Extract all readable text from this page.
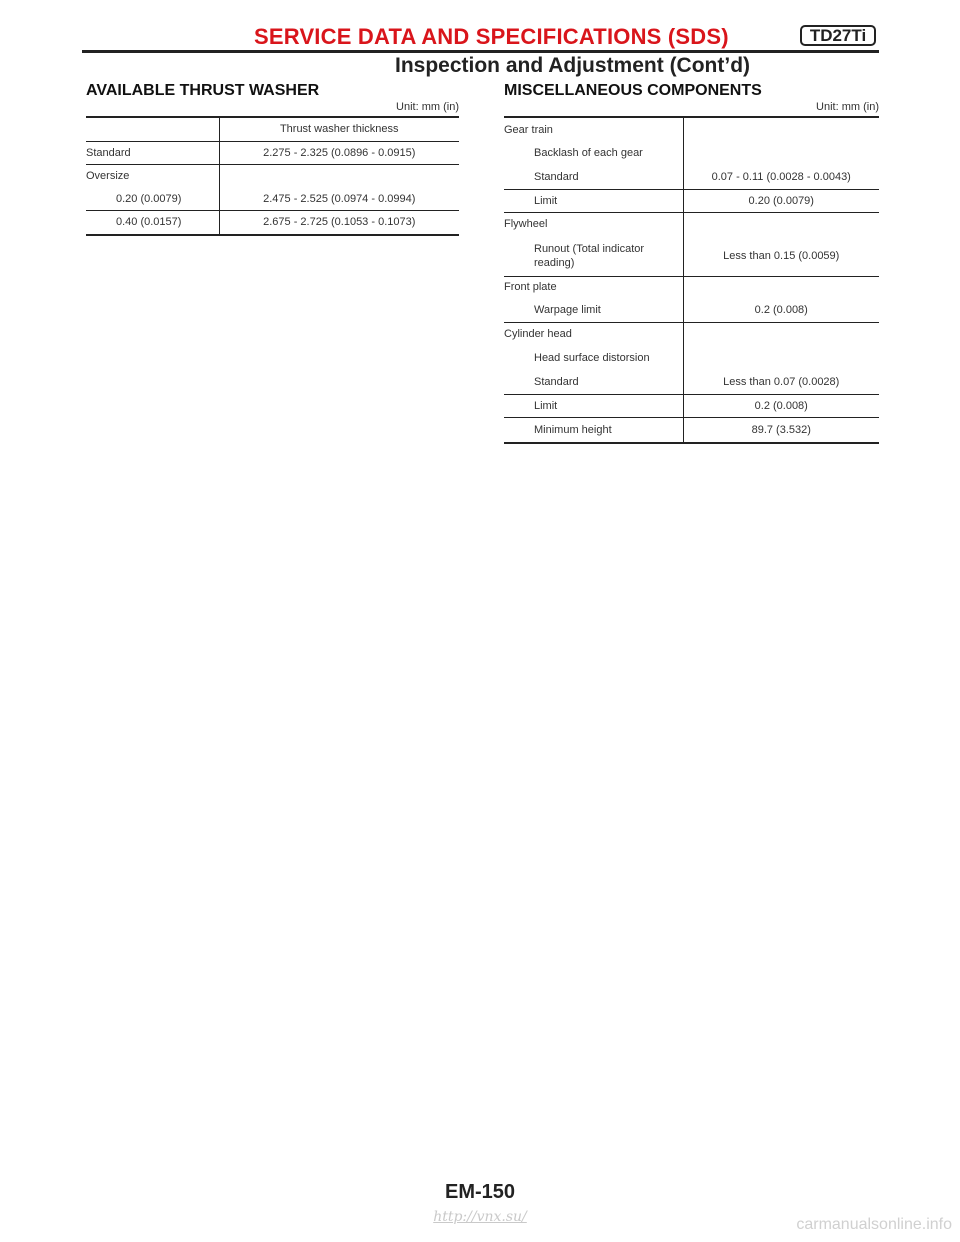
SERVICE DATA AND SPECIFICATIONS (SDS)	TD27Ti
Inspection and Adjustment (Cont’d)
AVAILABLE THRUST WASHER
Unit: mm (in)
	Thrust washer thickness
Standard	2.275 - 2.325 (0.0896 - 0.0915)
Oversize	
0.20 (0.0079)	2.475 - 2.525 (0.0974 - 0.0994)
0.40 (0.0157)	2.675 - 2.725 (0.1053 - 0.1073)
MISCELLANEOUS COMPONENTS
Unit: mm (in)
Gear train	
Backlash of each gear	
Standard	0.07 - 0.11 (0.0028 - 0.0043)
Limit	0.20 (0.0079)
Flywheel	
Runout (Total indicator reading)	Less than 0.15 (0.0059)
Front plate	
Warpage limit	0.2 (0.008)
Cylinder head	
Head surface distorsion	
Standard	Less than 0.07 (0.0028)
Limit	0.2 (0.008)
Minimum height	89.7 (3.532)
EM-150
http://vnx.su/	carmanualsonline.info
